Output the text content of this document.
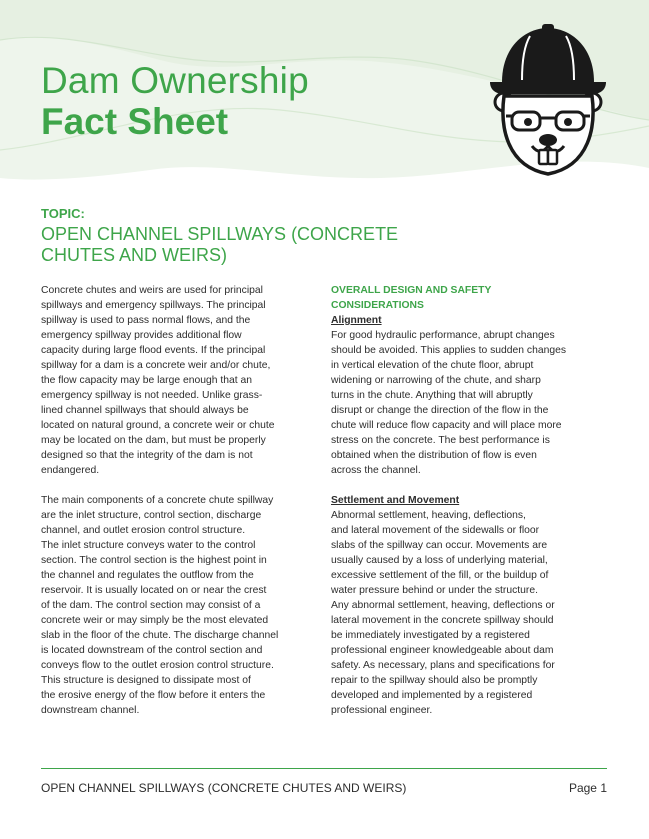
Dam Ownership
Fact Sheet
TOPIC:
OPEN CHANNEL SPILLWAYS (CONCRETE CHUTES AND WEIRS)

Concrete chutes and weirs are used for principal
spillways and emergency spillways. The principal
spillway is used to pass normal flows, and the
emergency spillway provides additional flow
capacity during large flood events. If the principal
spillway for a dam is a concrete weir and/or chute,
the flow capacity may be large enough that an
emergency spillway is not needed. Unlike grass-
lined channel spillways that should always be
located on natural ground, a concrete weir or chute
may be located on the dam, but must be properly
designed so that the integrity of the dam is not
endangered.

The main components of a concrete chute spillway
are the inlet structure, control section, discharge
channel, and outlet erosion control structure.
The inlet structure conveys water to the control
section. The control section is the highest point in
the channel and regulates the outflow from the
reservoir. It is usually located on or near the crest
of the dam. The control section may consist of a
concrete weir or may simply be the most elevated
slab in the floor of the chute. The discharge channel
is located downstream of the control section and
conveys flow to the outlet erosion control structure.
This structure is designed to dissipate most of
the erosive energy of the flow before it enters the
downstream channel.

OVERALL DESIGN AND SAFETY
CONSIDERATIONS
Alignment

For good hydraulic performance, abrupt changes
should be avoided. This applies to sudden changes
in vertical elevation of the chute floor, abrupt
widening or narrowing of the chute, and sharp
turns in the chute. Anything that will abruptly
disrupt or change the direction of the flow in the
chute will reduce flow capacity and will place more
stress on the concrete. The best performance is
obtained when the distribution of flow is even
across the channel.

Settlement and Movement

Abnormal settlement, heaving, deflections,
and lateral movement of the sidewalls or floor
slabs of the spillway can occur. Movements are
usually caused by a loss of underlying material,
excessive settlement of the fill, or the buildup of
water pressure behind or under the structure.
Any abnormal settlement, heaving, deflections or
lateral movement in the concrete spillway should
be immediately investigated by a registered
professional engineer knowledgeable about dam
safety. As necessary, plans and specifications for
repair to the spillway should also be promptly
developed and implemented by a registered
professional engineer.

OPEN CHANNEL SPILLWAYS (CONCRETE CHUTES AND WEIRS)	Page 1
